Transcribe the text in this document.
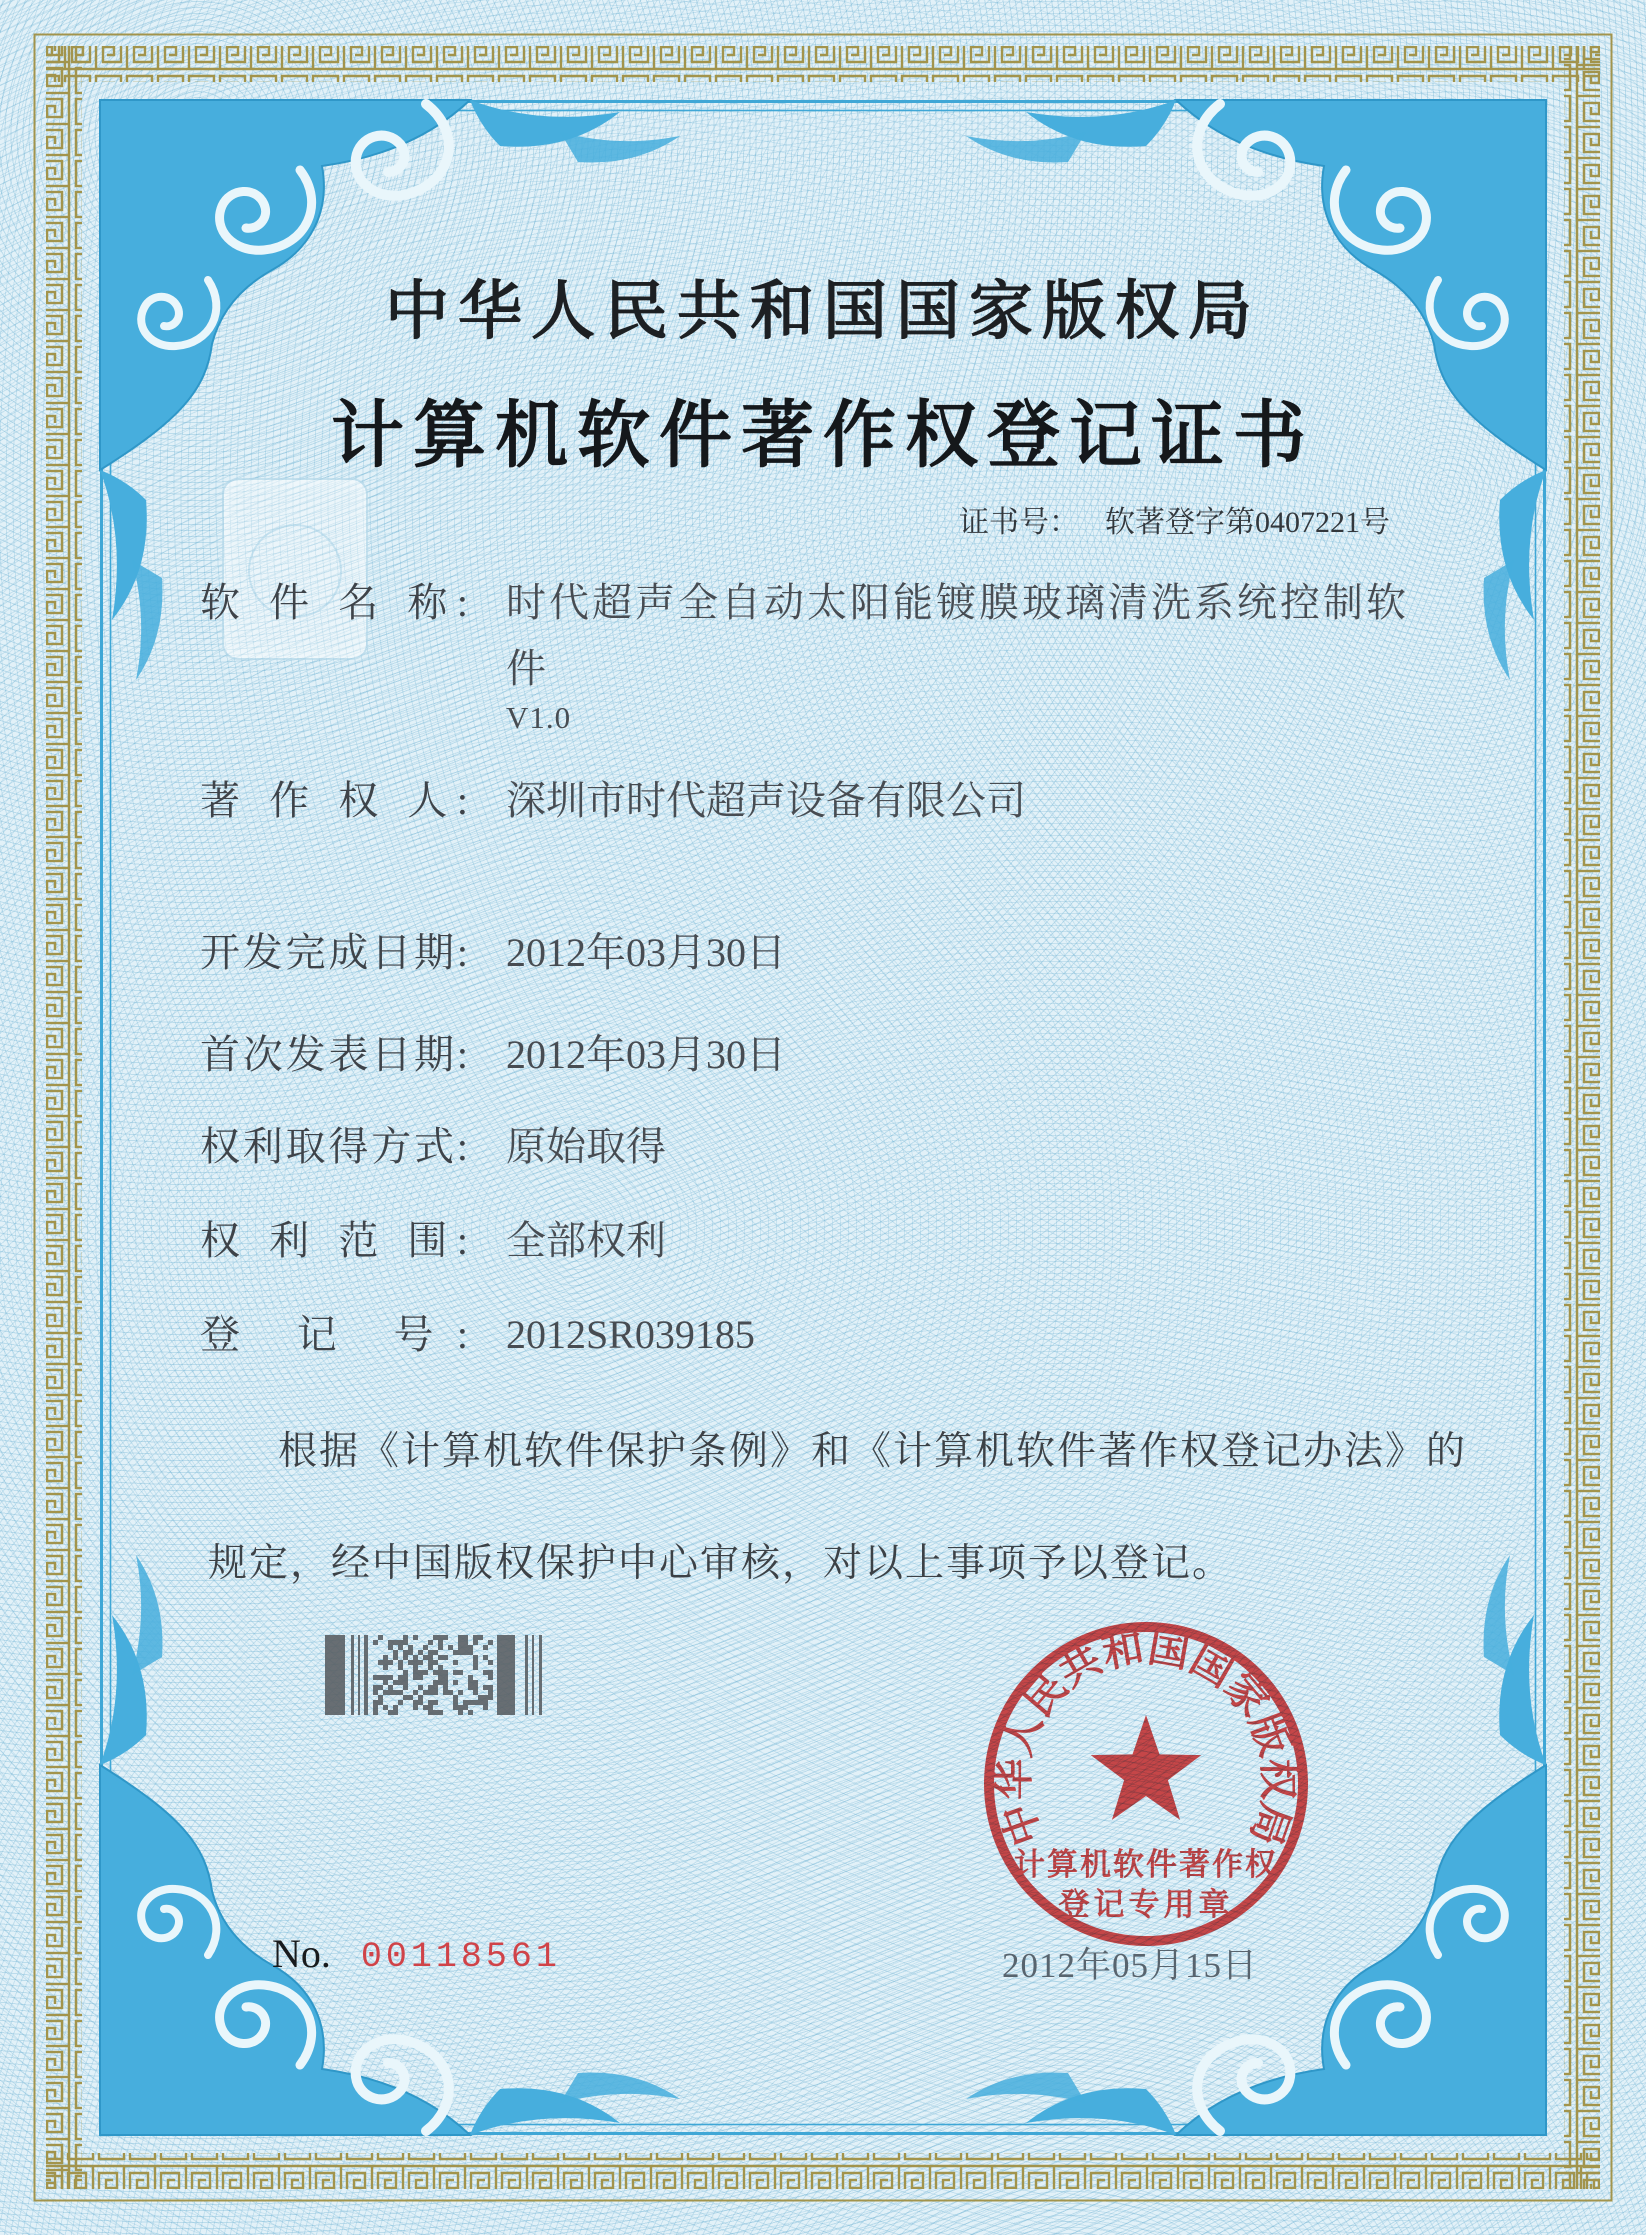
中华人民共和国国家版权局
计算机软件著作权登记证书
证书号： 软著登字第0407221号
软 件 名 称: 时代超声全自动太阳能镀膜玻璃清洗系统控制软
件
V1.0
著 作 权 人: 深圳市时代超声设备有限公司
开发完成日期: 2012年03月30日
首次发表日期: 2012年03月30日
权利取得方式: 原始取得
权 利 范 围: 全部权利
登 记 号: 2012SR039185
根据《计算机软件保护条例》和《计算机软件著作权登记办法》的
规定，经中国版权保护中心审核，对以上事项予以登记。
2012年05月15日
中华人民共和国国家版权局
计算机软件著作权
登记专用章
No. 00118561
